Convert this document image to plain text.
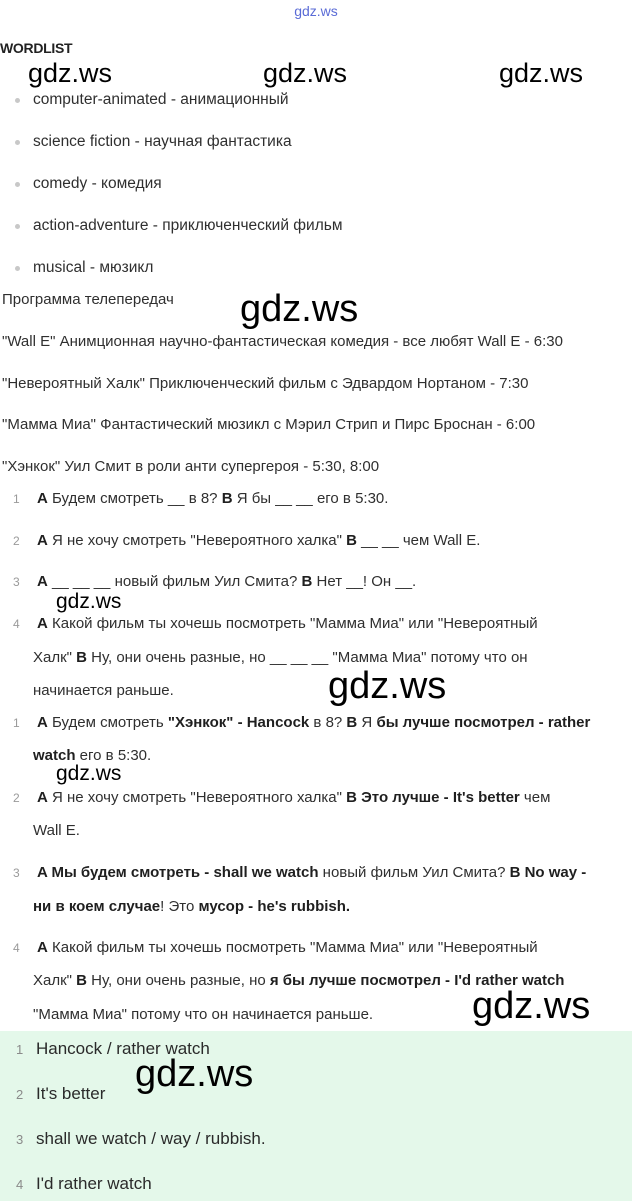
gdz.ws
WORDLIST
gdz.ws	gdz.ws	gdz.ws
gdz.ws
gdz.ws
gdz.ws
gdz.ws
gdz.ws
computer-animated - анимационный
science fiction - научная фантастика
comedy - комедия
action-adventure - приключенческий фильм
musical - мюзикл
Программа телепередач
"Wall E" Анимционная научно-фантастическая комедия - все любят Wall E - 6:30
"Невероятный Халк" Приключенческий фильм с Эдвардом Нортаном - 7:30
"Мамма Миа" Фантастический мюзикл с Мэрил Стрип и Пирс Броснан - 6:00
"Хэнкок" Уил Смит в роли анти супергероя - 5:30, 8:00
1 A Будем смотреть __ в 8? B Я бы __ __ его в 5:30.
2 A Я не хочу смотреть "Невероятного халка" B __ __ чем Wall E.
3 A __ __ __ новый фильм Уил Смита? B Нет __! Он __.
4 A Какой фильм ты хочешь посмотреть "Мамма Миа" или "Невероятный
Халк" B Ну, они очень разные, но __ __ __ "Мамма Миа" потому что он
начинается раньше.
1 A Будем смотреть "Хэнкок" - Hancock в 8? B Я бы лучше посмотрел - rather
watch его в 5:30.
2 A Я не хочу смотреть "Невероятного халка" B Это лучше - It's better чем
Wall E.
3 A Мы будем смотреть - shall we watch новый фильм Уил Смита? B No way -
ни в коем случае! Это мусор - he's rubbish.
4 A Какой фильм ты хочешь посмотреть "Мамма Миа" или "Невероятный
Халк" B Ну, они очень разные, но я бы лучше посмотрел - I'd rather watch
"Мамма Миа" потому что он начинается раньше.
1 Hancock / rather watch
2 It's better gdz.ws
3 shall we watch / way / rubbish.
4 I'd rather watch
